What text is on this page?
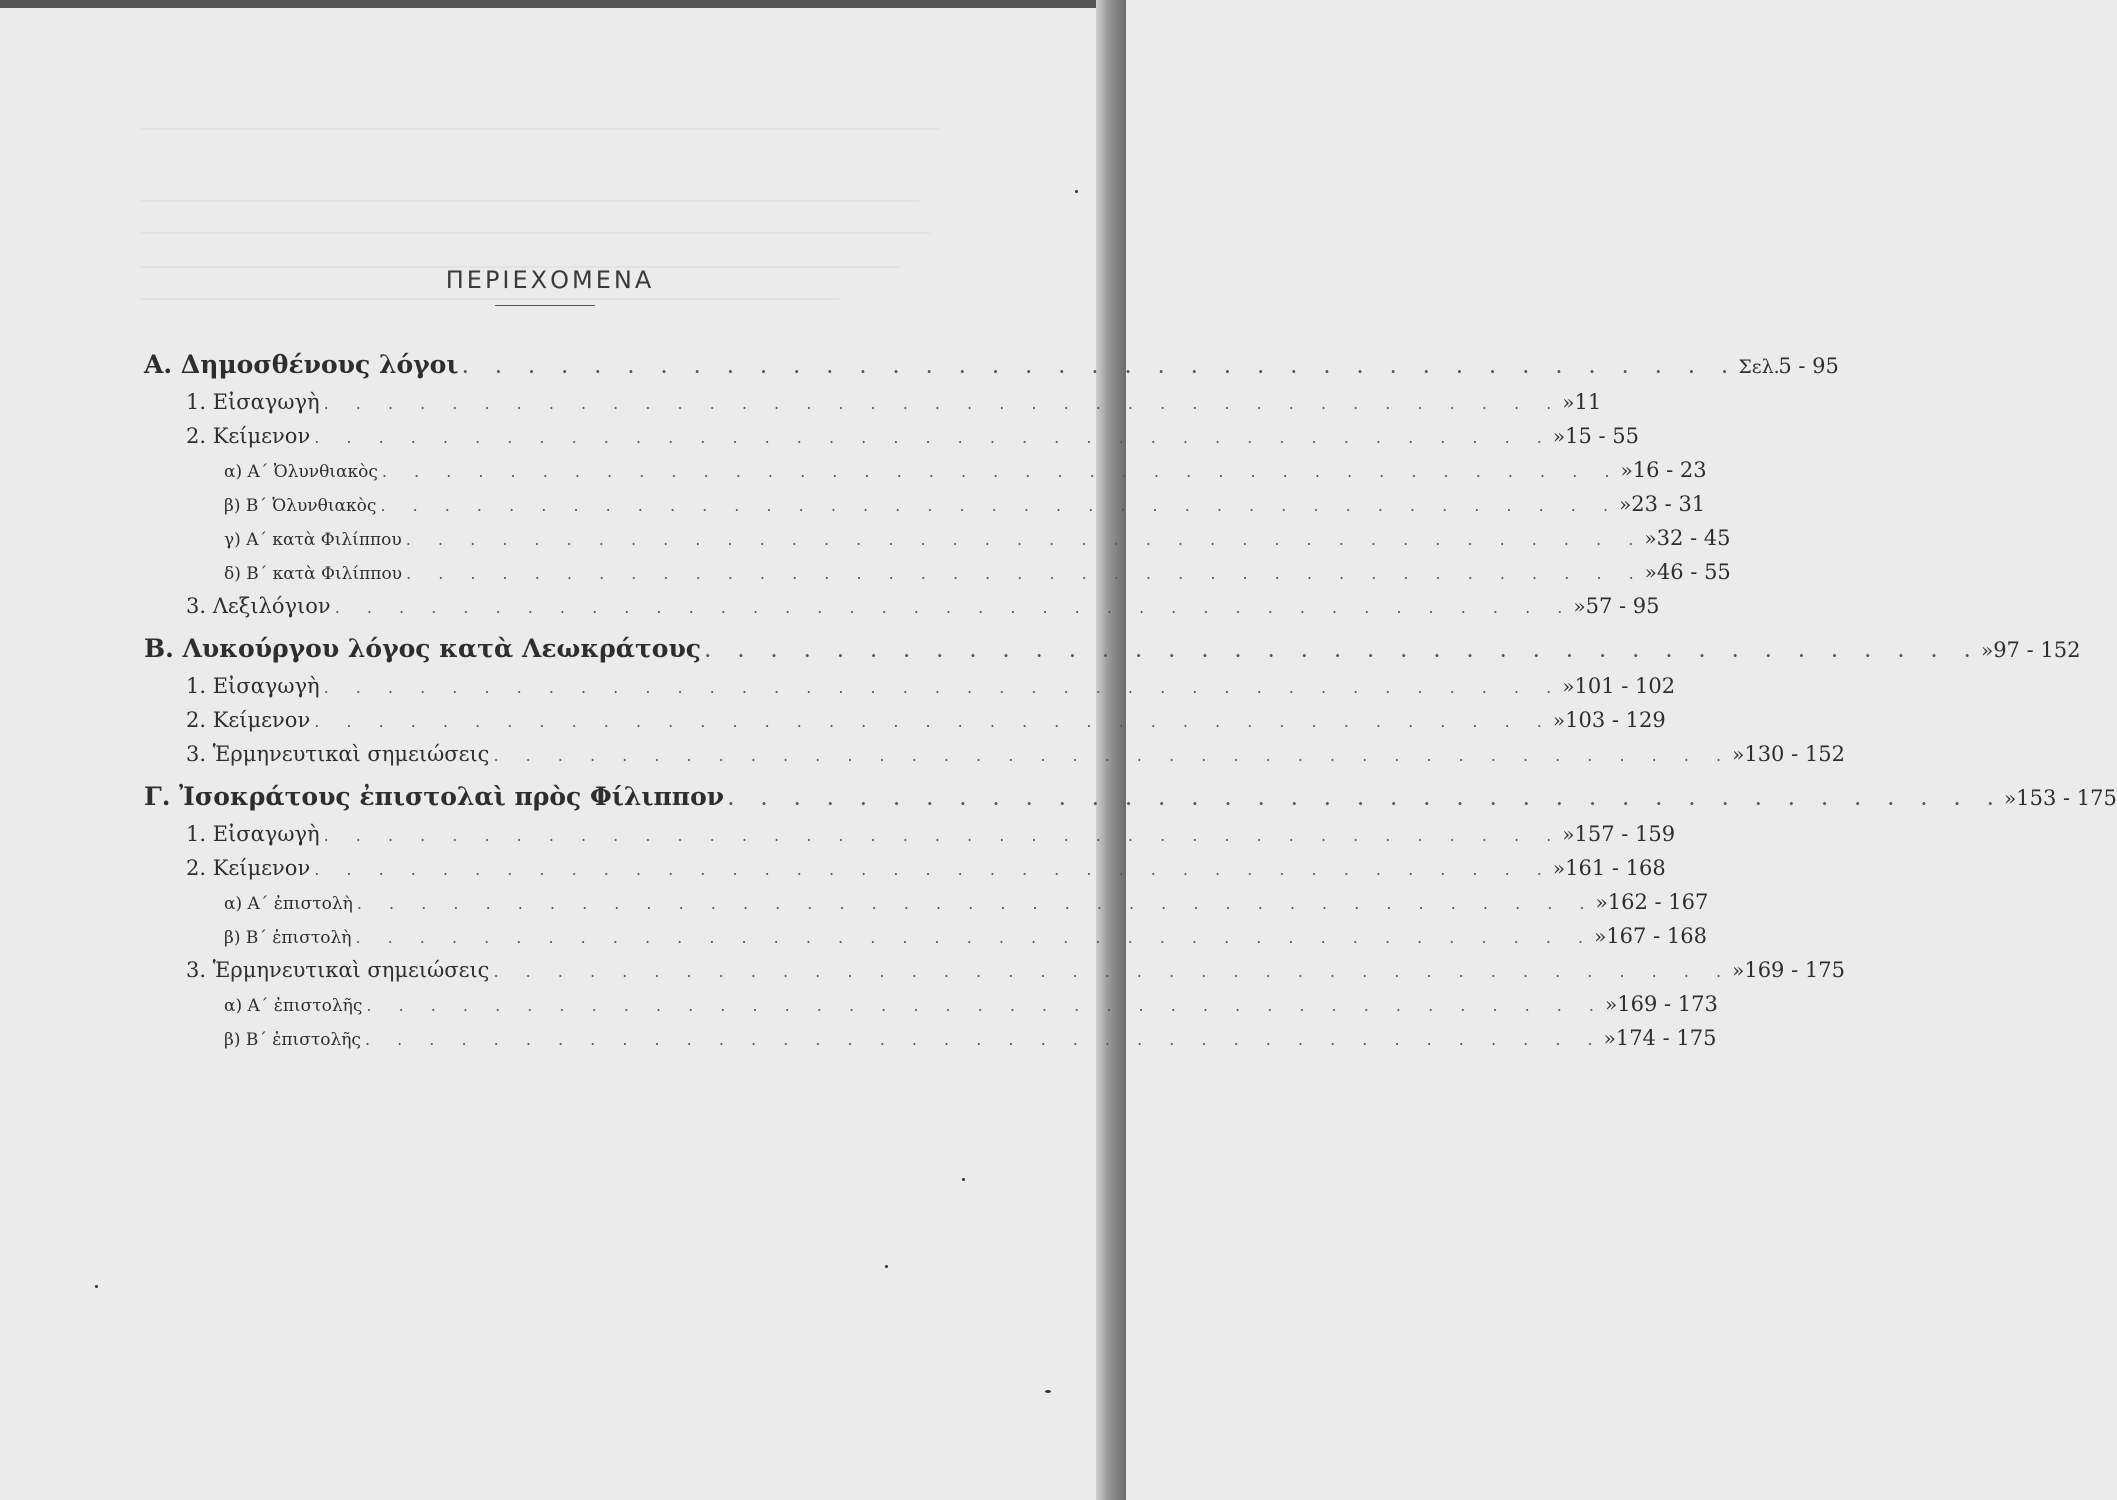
ΠΕΡΙΕΧΟΜΕΝΑ
Α. Δημοσθένους λόγοι . . . . . . . . . . . . . . . . . . . . . . . . . . . . . . . . . . . . . . . Σελ.
5 - 95
1. Εἰσαγωγὴ . . . . . . . . . . . . . . . . . . . . . . . . . . . . . . . . . . . . . . . » 11
2. Κείμενον . . . . . . . . . . . . . . . . . . . . . . . . . . . . . . . . . . . . . . . » 15 - 55
α) Α΄ Ὀλυνθιακὸς . . . . . . . . . . . . . . . . . . . . . . . . . . . . . . . . . . . . . . . » 16 - 23
β) Β΄ Ὀλυνθιακὸς . . . . . . . . . . . . . . . . . . . . . . . . . . . . . . . . . . . . . . . » 23 - 31
γ) Α΄ κατὰ Φιλίππου . . . . . . . . . . . . . . . . . . . . . . . . . . . . . . . . . . . . . . . » 32 - 45
δ) Β΄ κατὰ Φιλίππου . . . . . . . . . . . . . . . . . . . . . . . . . . . . . . . . . . . . . . . » 46 - 55
3. Λεξιλόγιον . . . . . . . . . . . . . . . . . . . . . . . . . . . . . . . . . . . . . . . » 57 - 95
Β. Λυκούργου λόγος κατὰ Λεωκράτους . . . . . . . . . . . . . . . . . . . . . . . . . . . . . . . . . . . . . . . » 97 - 152
1. Εἰσαγωγὴ . . . . . . . . . . . . . . . . . . . . . . . . . . . . . . . . . . . . . . . » 101 - 102
2. Κείμενον . . . . . . . . . . . . . . . . . . . . . . . . . . . . . . . . . . . . . . . » 103 - 129
3. Ἑρμηνευτικαὶ σημειώσεις . . . . . . . . . . . . . . . . . . . . . . . . . . . . . . . . . . . . . . . » 130 - 152
Γ. Ἰσοκράτους ἐπιστολαὶ πρὸς Φίλιππον . . . . . . . . . . . . . . . . . . . . . . . . . . . . . . . . . . . . . . . » 153 - 175
1. Εἰσαγωγὴ . . . . . . . . . . . . . . . . . . . . . . . . . . . . . . . . . . . . . . . » 157 - 159
2. Κείμενον . . . . . . . . . . . . . . . . . . . . . . . . . . . . . . . . . . . . . . . » 161 - 168
α) Α΄ ἐπιστολὴ . . . . . . . . . . . . . . . . . . . . . . . . . . . . . . . . . . . . . . . » 162 - 167
β) Β΄ ἐπιστολὴ . . . . . . . . . . . . . . . . . . . . . . . . . . . . . . . . . . . . . . . » 167 - 168
3. Ἑρμηνευτικαὶ σημειώσεις . . . . . . . . . . . . . . . . . . . . . . . . . . . . . . . . . . . . . . . » 169 - 175
α) Α΄ ἐπιστολῆς . . . . . . . . . . . . . . . . . . . . . . . . . . . . . . . . . . . . . . . » 169 - 173
β) Β΄ ἐπιστολῆς . . . . . . . . . . . . . . . . . . . . . . . . . . . . . . . . . . . . . . . » 174 - 175
